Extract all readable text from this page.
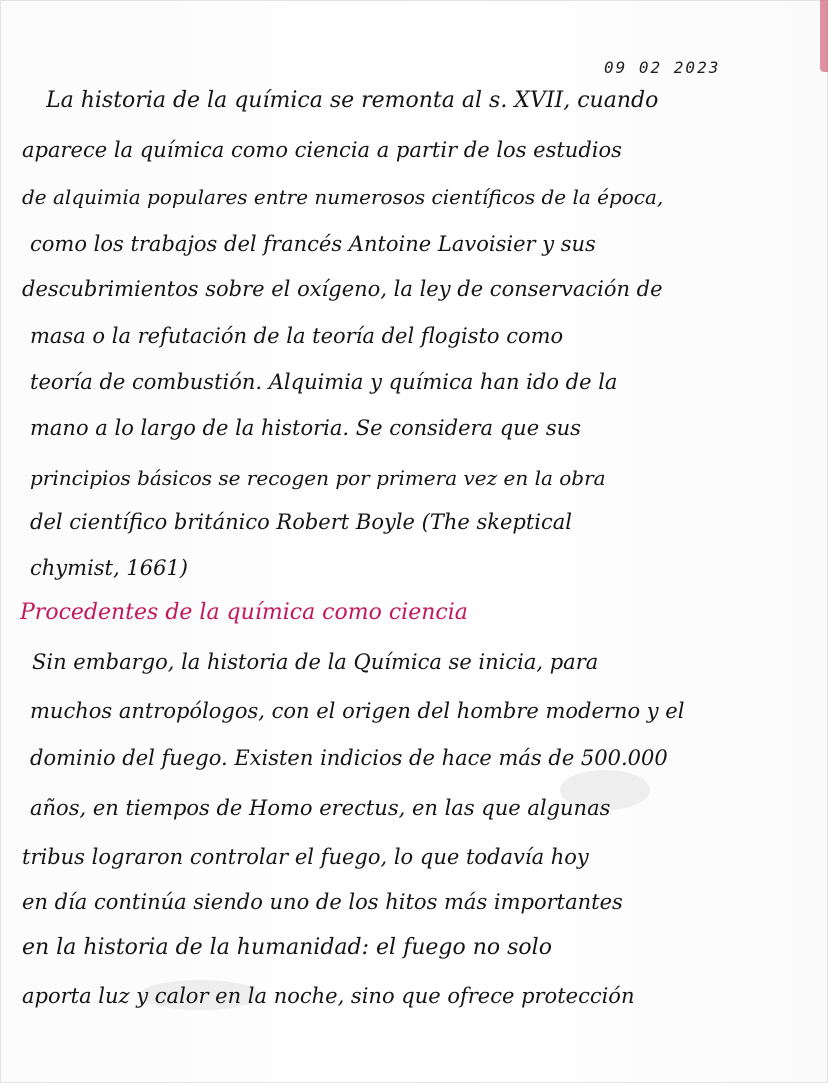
09 02 2023
La historia de la química se remonta al s. XVII, cuando
aparece la química como ciencia a partir de los estudios
de alquimia populares entre numerosos científicos de la época,
como los trabajos del francés Antoine Lavoisier y sus
descubrimientos sobre el oxígeno, la ley de conservación de
masa o la refutación de la teoría del flogisto como
teoría de combustión. Alquimia y química han ido de la
mano a lo largo de la historia. Se considera que sus
principios básicos se recogen por primera vez en la obra
del científico británico Robert Boyle (The skeptical
chymist, 1661)
Procedentes de la química como ciencia
Sin embargo, la historia de la Química se inicia, para
muchos antropólogos, con el origen del hombre moderno y el
dominio del fuego. Existen indicios de hace más de 500.000
años, en tiempos de Homo erectus, en las que algunas
tribus lograron controlar el fuego, lo que todavía hoy
en día continúa siendo uno de los hitos más importantes
en la historia de la humanidad: el fuego no solo
aporta luz y calor en la noche, sino que ofrece protección
